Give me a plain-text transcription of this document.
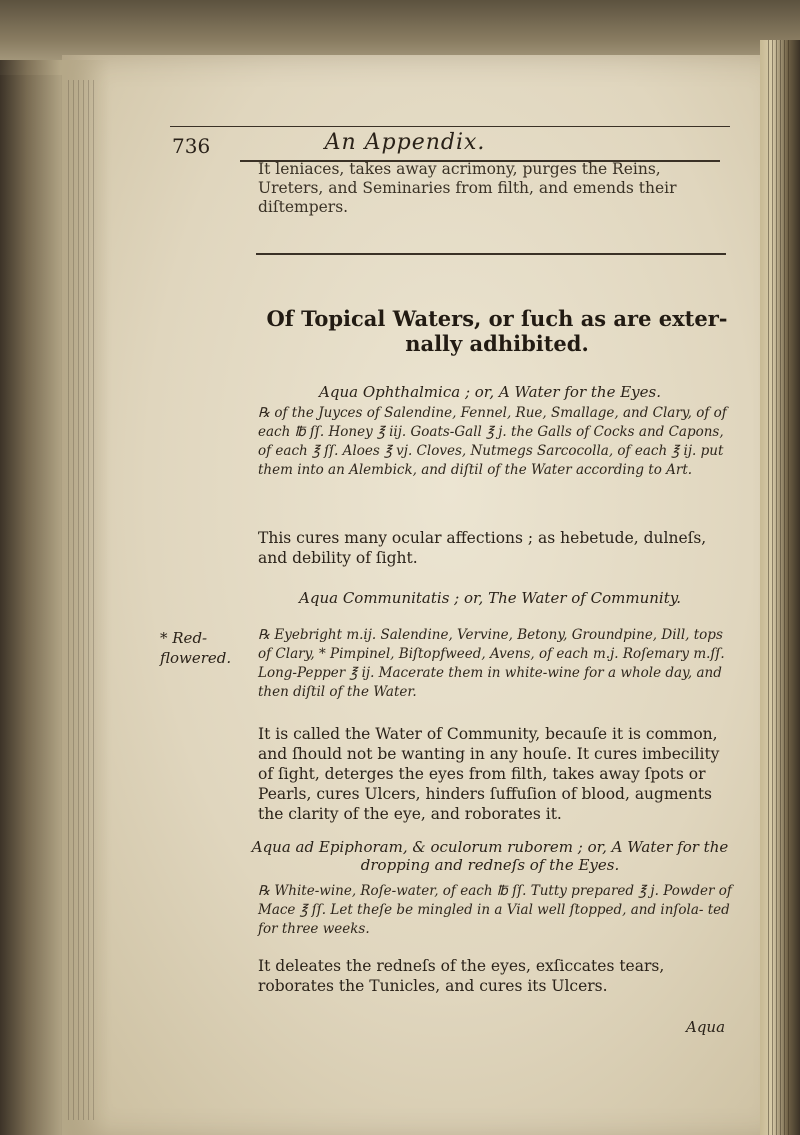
736	An Appendix.
It leniaces, takes away acrimony, purges the Reins, Ureters, and Seminaries from filth, and emends their diſtempers.
Of Topical Waters, or ſuch as are exter- nally adhibited.
Aqua Ophthalmica ; or, A Water for the Eyes.
℞ of the Juyces of Salendine, Fennel, Rue, Smallage, and Clary, of of each ℔ ſſ. Honey ℥ iij. Goats-Gall ℥ j. the Galls of Cocks and Capons, of each ℥ ſſ. Aloes ℥ vj. Cloves, Nutmegs Sarcocolla, of each ℥ ij. put them into an Alembick, and diſtil of the Water according to Art.
This cures many ocular affections ; as hebetude, dulneſs, and debility of ſight.
Aqua Communitatis ; or, The Water of Community.
* Red- flowered.
℞ Eyebright m.ij. Salendine, Vervine, Betony, Groundpine, Dill, tops of Clary, * Pimpinel, Biſtopfweed, Avens, of each m.j. Roſemary m.ſſ. Long-Pepper ℥ ij. Macerate them in white-wine for a whole day, and then diſtil of the Water.
It is called the Water of Community, becauſe it is common, and ſhould not be wanting in any houſe. It cures imbecility of ſight, deterges the eyes from filth, takes away ſpots or Pearls, cures Ulcers, hinders ſuffuſion of blood, augments the clarity of the eye, and roborates it.
Aqua ad Epiphoram, & oculorum ruborem ; or, A Water for the dropping and redneſs of the Eyes.
℞ White-wine, Roſe-water, of each ℔ ſſ. Tutty prepared ℥ j. Powder of Mace ℥ ſſ. Let theſe be mingled in a Vial well ſtopped, and inſola- ted for three weeks.
It deleates the redneſs of the eyes, exſiccates tears, roborates the Tunicles, and cures its Ulcers.
Aqua
